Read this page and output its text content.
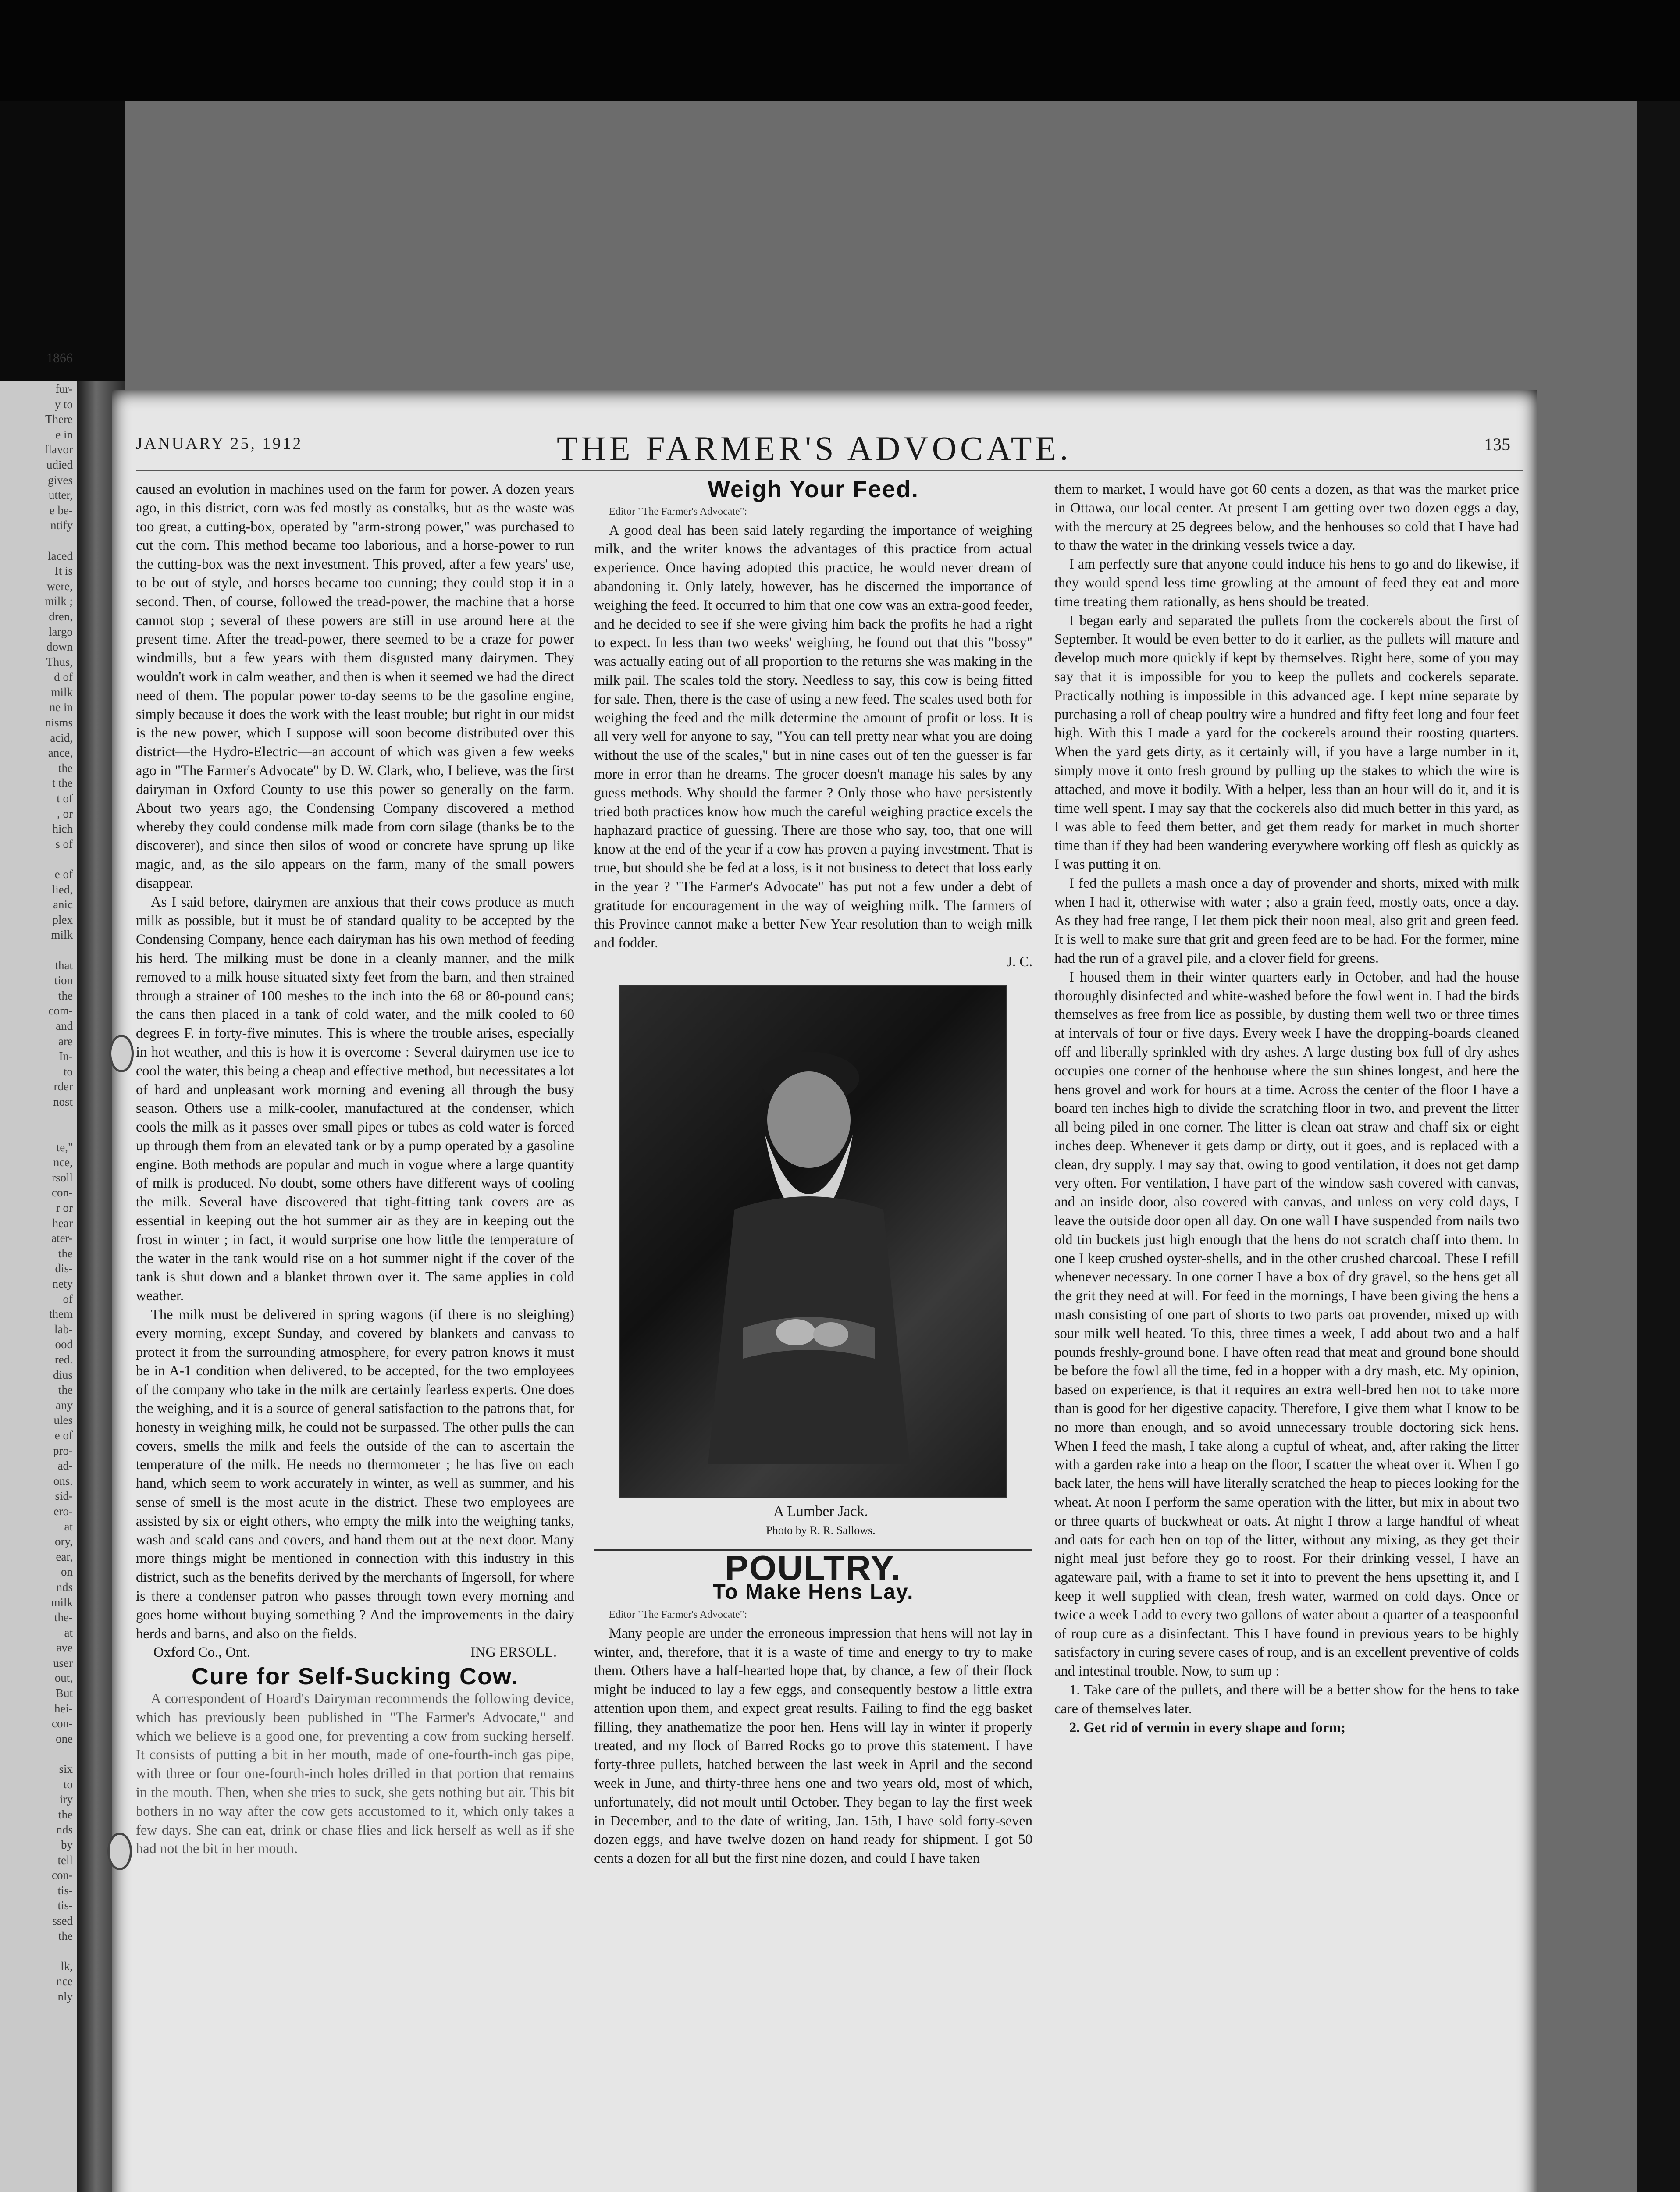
1866
fur-
y to
There
e in
flavor
udied
gives
utter,
e be-
ntify

laced
It is
were,
milk ;
dren,
largo
down
Thus,
d of
milk
ne in
nisms
acid,
ance,
the
t the
t of
, or
hich
s of

e of
lied,
anic
plex
milk

that
tion
the
com-
and
are
In-
to
rder
nost

te,"
nce,
rsoll
con-
r or
hear
ater-
the
dis-
nety
of
them
lab-
ood
red.
dius
the
any
ules
e of
pro-
ad-
ons.
sid-
ero-
at
ory,
ear,
on
nds
milk
the-
at
ave
user
out,
But
hei-
con-
one

six
to
iry
the
nds
by
tell
con-
tis-
tis-
ssed
the

lk,
nce
nly
JANUARY 25, 1912	THE FARMER'S ADVOCATE.	135

caused an evolution in machines used on the farm for power. A dozen years ago, in this district, corn was fed mostly as constalks, but as the waste was too great, a cutting-box, operated by "arm-strong power," was purchased to cut the corn. This method became too laborious, and a horse-power to run the cutting-box was the next investment. This proved, after a few years' use, to be out of style, and horses became too cunning; they could stop it in a second. Then, of course, followed the tread-power, the machine that a horse cannot stop ; several of these powers are still in use around here at the present time. After the tread-power, there seemed to be a craze for power windmills, but a few years with them disgusted many dairymen. They wouldn't work in calm weather, and then is when it seemed we had the direct need of them. The popular power to-day seems to be the gasoline engine, simply because it does the work with the least trouble; but right in our midst is the new power, which I suppose will soon become distributed over this district—the Hydro-Electric—an account of which was given a few weeks ago in "The Farmer's Advocate" by D. W. Clark, who, I believe, was the first dairyman in Oxford County to use this power so generally on the farm. About two years ago, the Condensing Company discovered a method whereby they could condense milk made from corn silage (thanks be to the discoverer), and since then silos of wood or concrete have sprung up like magic, and, as the silo appears on the farm, many of the small powers disappear.

As I said before, dairymen are anxious that their cows produce as much milk as possible, but it must be of standard quality to be accepted by the Condensing Company, hence each dairyman has his own method of feeding his herd. The milking must be done in a cleanly manner, and the milk removed to a milk house situated sixty feet from the barn, and then strained through a strainer of 100 meshes to the inch into the 68 or 80-pound cans; the cans then placed in a tank of cold water, and the milk cooled to 60 degrees F. in forty-five minutes. This is where the trouble arises, especially in hot weather, and this is how it is overcome : Several dairymen use ice to cool the water, this being a cheap and effective method, but necessitates a lot of hard and unpleasant work morning and evening all through the busy season. Others use a milk-cooler, manufactured at the condenser, which cools the milk as it passes over small pipes or tubes as cold water is forced up through them from an elevated tank or by a pump operated by a gasoline engine. Both methods are popular and much in vogue where a large quantity of milk is produced. No doubt, some others have different ways of cooling the milk. Several have discovered that tight-fitting tank covers are as essential in keeping out the hot summer air as they are in keeping out the frost in winter ; in fact, it would surprise one how little the temperature of the water in the tank would rise on a hot summer night if the cover of the tank is shut down and a blanket thrown over it. The same applies in cold weather.

The milk must be delivered in spring wagons (if there is no sleighing) every morning, except Sunday, and covered by blankets and canvass to protect it from the surrounding atmosphere, for every patron knows it must be in A-1 condition when delivered, to be accepted, for the two employees of the company who take in the milk are certainly fearless experts. One does the weighing, and it is a source of general satisfaction to the patrons that, for honesty in weighing milk, he could not be surpassed. The other pulls the can covers, smells the milk and feels the outside of the can to ascertain the temperature of the milk. He needs no thermometer ; he has five on each hand, which seem to work accurately in winter, as well as summer, and his sense of smell is the most acute in the district. These two employees are assisted by six or eight others, who empty the milk into the weighing tanks, wash and scald cans and covers, and hand them out at the next door. Many more things might be mentioned in connection with this industry in this district, such as the benefits derived by the merchants of Ingersoll, for where is there a condenser patron who passes through town every morning and goes home without buying something ? And the improvements in the dairy herds and barns, and also on the fields.

Oxford Co., Ont.	ING ERSOLL.

Cure for Self-Sucking Cow.

A correspondent of Hoard's Dairyman recommends the following device, which has previously been published in "The Farmer's Advocate," and which we believe is a good one, for preventing a cow from sucking herself. It consists of putting a bit in her mouth, made of one-fourth-inch gas pipe, with three or four one-fourth-inch holes drilled in that portion that remains in the mouth. Then, when she tries to suck, she gets nothing but air. This bit bothers in no way after the cow gets accustomed to it, which only takes a few days. She can eat, drink or chase flies and lick herself as well as if she had not the bit in her mouth.

Weigh Your Feed.

Editor "The Farmer's Advocate":

A good deal has been said lately regarding the importance of weighing milk, and the writer knows the advantages of this practice from actual experience. Once having adopted this practice, he would never dream of abandoning it. Only lately, however, has he discerned the importance of weighing the feed. It occurred to him that one cow was an extra-good feeder, and he decided to see if she were giving him back the profits he had a right to expect. In less than two weeks' weighing, he found out that this "bossy" was actually eating out of all proportion to the returns she was making in the milk pail. The scales told the story. Needless to say, this cow is being fitted for sale. Then, there is the case of using a new feed. The scales used both for weighing the feed and the milk determine the amount of profit or loss. It is all very well for anyone to say, "You can tell pretty near what you are doing without the use of the scales," but in nine cases out of ten the guesser is far more in error than he dreams. The grocer doesn't manage his sales by any guess methods. Why should the farmer ? Only those who have persistently tried both practices know how much the careful weighing practice excels the haphazard practice of guessing. There are those who say, too, that one will know at the end of the year if a cow has proven a paying investment. That is true, but should she be fed at a loss, is it not business to detect that loss early in the year ? "The Farmer's Advocate" has put not a few under a debt of gratitude for encouragement in the way of weighing milk. The farmers of this Province cannot make a better New Year resolution than to weigh milk and fodder.

J. C.

A Lumber Jack.

Photo by R. R. Sallows.

POULTRY.
To Make Hens Lay.

Editor "The Farmer's Advocate":

Many people are under the erroneous impression that hens will not lay in winter, and, therefore, that it is a waste of time and energy to try to make them. Others have a half-hearted hope that, by chance, a few of their flock might be induced to lay a few eggs, and consequently bestow a little extra attention upon them, and expect great results. Failing to find the egg basket filling, they anathematize the poor hen. Hens will lay in winter if properly treated, and my flock of Barred Rocks go to prove this statement. I have forty-three pullets, hatched between the last week in April and the second week in June, and thirty-three hens one and two years old, most of which, unfortunately, did not moult until October. They began to lay the first week in December, and to the date of writing, Jan. 15th, I have sold forty-seven dozen eggs, and have twelve dozen on hand ready for shipment. I got 50 cents a dozen for all but the first nine dozen, and could I have taken

them to market, I would have got 60 cents a dozen, as that was the market price in Ottawa, our local center. At present I am getting over two dozen eggs a day, with the mercury at 25 degrees below, and the henhouses so cold that I have had to thaw the water in the drinking vessels twice a day.

I am perfectly sure that anyone could induce his hens to go and do likewise, if they would spend less time growling at the amount of feed they eat and more time treating them rationally, as hens should be treated.

I began early and separated the pullets from the cockerels about the first of September. It would be even better to do it earlier, as the pullets will mature and develop much more quickly if kept by themselves. Right here, some of you may say that it is impossible for you to keep the pullets and cockerels separate. Practically nothing is impossible in this advanced age. I kept mine separate by purchasing a roll of cheap poultry wire a hundred and fifty feet long and four feet high. With this I made a yard for the cockerels around their roosting quarters. When the yard gets dirty, as it certainly will, if you have a large number in it, simply move it onto fresh ground by pulling up the stakes to which the wire is attached, and move it bodily. With a helper, less than an hour will do it, and it is time well spent. I may say that the cockerels also did much better in this yard, as I was able to feed them better, and get them ready for market in much shorter time than if they had been wandering everywhere working off flesh as quickly as I was putting it on.

I fed the pullets a mash once a day of provender and shorts, mixed with milk when I had it, otherwise with water ; also a grain feed, mostly oats, once a day. As they had free range, I let them pick their noon meal, also grit and green feed. It is well to make sure that grit and green feed are to be had. For the former, mine had the run of a gravel pile, and a clover field for greens.

I housed them in their winter quarters early in October, and had the house thoroughly disinfected and white-washed before the fowl went in. I had the birds themselves as free from lice as possible, by dusting them well two or three times at intervals of four or five days. Every week I have the dropping-boards cleaned off and liberally sprinkled with dry ashes. A large dusting box full of dry ashes occupies one corner of the henhouse where the sun shines longest, and here the hens grovel and work for hours at a time. Across the center of the floor I have a board ten inches high to divide the scratching floor in two, and prevent the litter all being piled in one corner. The litter is clean oat straw and chaff six or eight inches deep. Whenever it gets damp or dirty, out it goes, and is replaced with a clean, dry supply. I may say that, owing to good ventilation, it does not get damp very often. For ventilation, I have part of the window sash covered with canvas, and an inside door, also covered with canvas, and unless on very cold days, I leave the outside door open all day. On one wall I have suspended from nails two old tin buckets just high enough that the hens do not scratch chaff into them. In one I keep crushed oyster-shells, and in the other crushed charcoal. These I refill whenever necessary. In one corner I have a box of dry gravel, so the hens get all the grit they need at will. For feed in the mornings, I have been giving the hens a mash consisting of one part of shorts to two parts oat provender, mixed up with sour milk well heated. To this, three times a week, I add about two and a half pounds freshly-ground bone. I have often read that meat and ground bone should be before the fowl all the time, fed in a hopper with a dry mash, etc. My opinion, based on experience, is that it requires an extra well-bred hen not to take more than is good for her digestive capacity. Therefore, I give them what I know to be no more than enough, and so avoid unnecessary trouble doctoring sick hens. When I feed the mash, I take along a cupful of wheat, and, after raking the litter with a garden rake into a heap on the floor, I scatter the wheat over it. When I go back later, the hens will have literally scratched the heap to pieces looking for the wheat. At noon I perform the same operation with the litter, but mix in about two or three quarts of buckwheat or oats. At night I throw a large handful of wheat and oats for each hen on top of the litter, without any mixing, as they get their night meal just before they go to roost. For their drinking vessel, I have an agateware pail, with a frame to set it into to prevent the hens upsetting it, and I keep it well supplied with clean, fresh water, warmed on cold days. Once or twice a week I add to every two gallons of water about a quarter of a teaspoonful of roup cure as a disinfectant. This I have found in previous years to be highly satisfactory in curing severe cases of roup, and is an excellent preventive of colds and intestinal trouble. Now, to sum up :

1. Take care of the pullets, and there will be a better show for the hens to take care of themselves later.

2. Get rid of vermin in every shape and form;
